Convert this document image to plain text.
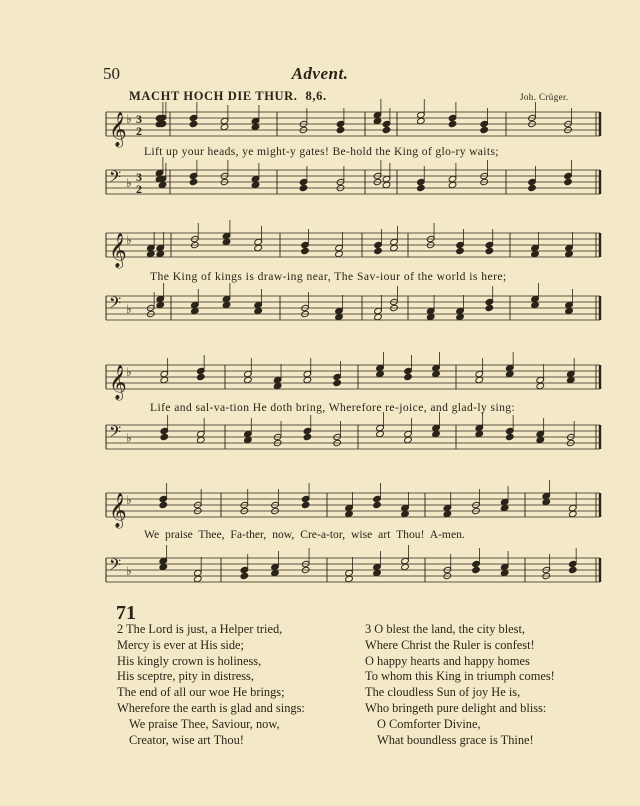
50	Advent.
MACHT HOCH DIE THUR. 8,6.	Joh. Crüger.
𝄞 ♭ 3
2
𝄢 ♭ 3
2
𝄞 ♭
𝄢 ♭
𝄞 ♭
𝄢 ♭
𝄞 ♭
𝄢 ♭
Lift up your heads, ye might-y gates! Be-hold the King of glo-ry waits;
The King of kings is draw-ing near, The Sav-iour of the world is here;
Life and sal-va-tion He doth bring, Wherefore re-joice, and glad-ly sing:
We praise Thee, Fa-ther, now, Cre-a-tor, wise art Thou! A-men.
71
2 The Lord is just, a Helper tried,
Mercy is ever at His side;
His kingly crown is holiness,
His sceptre, pity in distress,
The end of all our woe He brings;
Wherefore the earth is glad and sings:
We praise Thee, Saviour, now,
Creator, wise art Thou!
3 O blest the land, the city blest,
Where Christ the Ruler is confest!
O happy hearts and happy homes
To whom this King in triumph comes!
The cloudless Sun of joy He is,
Who bringeth pure delight and bliss:
O Comforter Divine,
What boundless grace is Thine!
